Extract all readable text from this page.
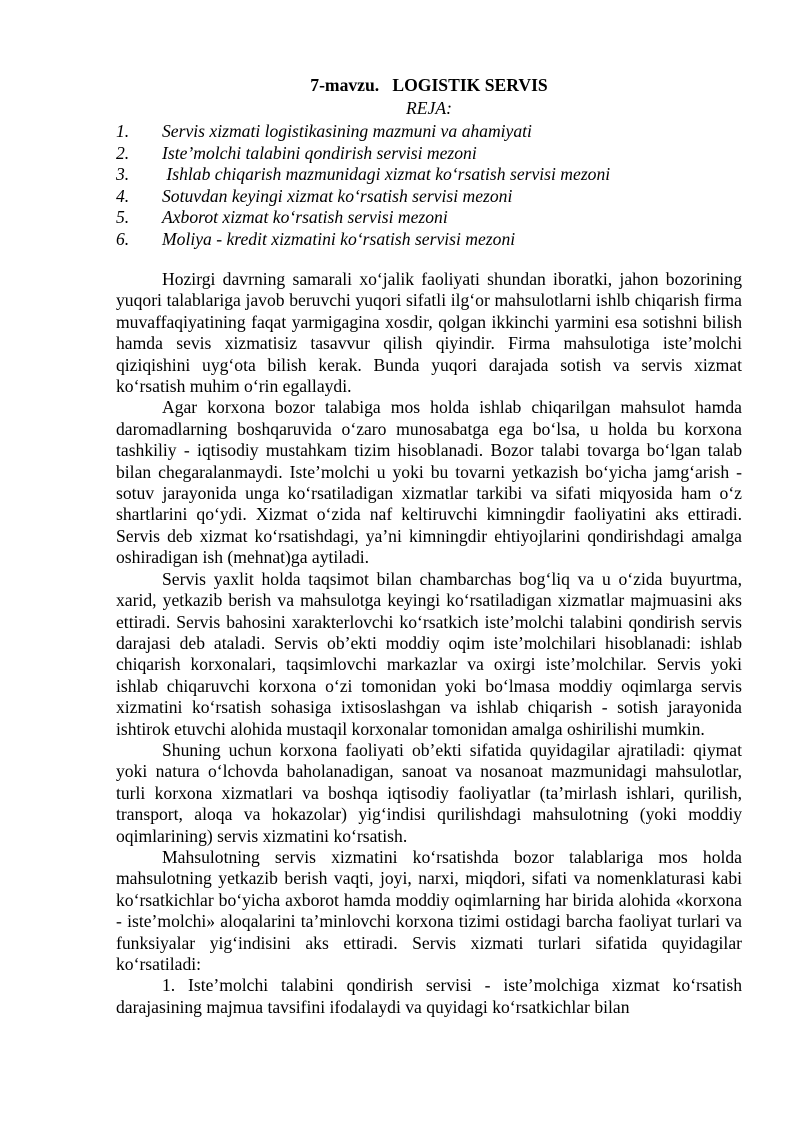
7-mavzu.   LOGISTIK SERVIS
REJA:
1. Servis xizmati logistikasining mazmuni va ahamiyati
2. Iste’molchi talabini qondirish servisi mezoni
3. Ishlab chiqarish mazmunidagi xizmat ko‘rsatish servisi mezoni
4. Sotuvdan keyingi xizmat ko‘rsatish servisi mezoni
5. Axborot xizmat ko‘rsatish servisi mezoni
6. Moliya - kredit xizmatini ko‘rsatish servisi mezoni

Hozirgi davrning samarali xo‘jalik faoliyati shundan iboratki, jahon bozorining yuqori talablariga javob beruvchi yuqori sifatli ilg‘or mahsulotlarni ishlb chiqarish firma muvaffaqiyatining faqat yarmigagina xosdir, qolgan ikkinchi yarmini esa sotishni bilish hamda sevis xizmatisiz tasavvur qilish qiyindir. Firma mahsulotiga iste’molchi qiziqishini uyg‘ota bilish kerak. Bunda yuqori darajada sotish va servis xizmat ko‘rsatish muhim o‘rin egallaydi.

Agar korxona bozor talabiga mos holda ishlab chiqarilgan mahsulot hamda daromadlarning boshqaruvida o‘zaro munosabatga ega bo‘lsa, u holda bu korxona tashkiliy - iqtisodiy mustahkam tizim hisoblanadi. Bozor talabi tovarga bo‘lgan talab bilan chegaralanmaydi. Iste’molchi u yoki bu tovarni yetkazish bo‘yicha jamg‘arish - sotuv jarayonida unga ko‘rsatiladigan xizmatlar tarkibi va sifati miqyosida ham o‘z shartlarini qo‘ydi. Xizmat o‘zida naf keltiruvchi kimningdir faoliyatini aks ettiradi. Servis deb xizmat ko‘rsatishdagi, ya’ni kimningdir ehtiyojlarini qondirishdagi amalga oshiradigan ish (mehnat)ga aytiladi.

Servis yaxlit holda taqsimot bilan chambarchas bog‘liq va u o‘zida buyurtma, xarid, yetkazib berish va mahsulotga keyingi ko‘rsatiladigan xizmatlar majmuasini aks ettiradi. Servis bahosini xarakterlovchi ko‘rsatkich iste’molchi talabini qondirish servis darajasi deb ataladi. Servis ob’ekti moddiy oqim iste’molchilari hisoblanadi: ishlab chiqarish korxonalari, taqsimlovchi markazlar va oxirgi iste’molchilar. Servis yoki ishlab chiqaruvchi korxona o‘zi tomonidan yoki bo‘lmasa moddiy oqimlarga servis xizmatini ko‘rsatish sohasiga ixtisoslashgan va ishlab chiqarish - sotish jarayonida ishtirok etuvchi alohida mustaqil korxonalar tomonidan amalga oshirilishi mumkin.

Shuning uchun korxona faoliyati ob’ekti sifatida quyidagilar ajratiladi: qiymat yoki natura o‘lchovda baholanadigan, sanoat va nosanoat mazmunidagi mahsulotlar, turli korxona xizmatlari va boshqa iqtisodiy faoliyatlar (ta’mirlash ishlari, qurilish, transport, aloqa va hokazolar) yig‘indisi qurilishdagi mahsulotning (yoki moddiy oqimlarining) servis xizmatini ko‘rsatish.

Mahsulotning servis xizmatini ko‘rsatishda bozor talablariga mos holda mahsulotning yetkazib berish vaqti, joyi, narxi, miqdori, sifati va nomenklaturasi kabi ko‘rsatkichlar bo‘yicha axborot hamda moddiy oqimlarning har birida alohida «korxona - iste’molchi» aloqalarini ta’minlovchi korxona tizimi ostidagi barcha faoliyat turlari va funksiyalar yig‘indisini aks ettiradi. Servis xizmati turlari sifatida quyidagilar ko‘rsatiladi:

1. Iste’molchi talabini qondirish servisi - iste’molchiga xizmat ko‘rsatish darajasining majmua tavsifini ifodalaydi va quyidagi ko‘rsatkichlar bilan
